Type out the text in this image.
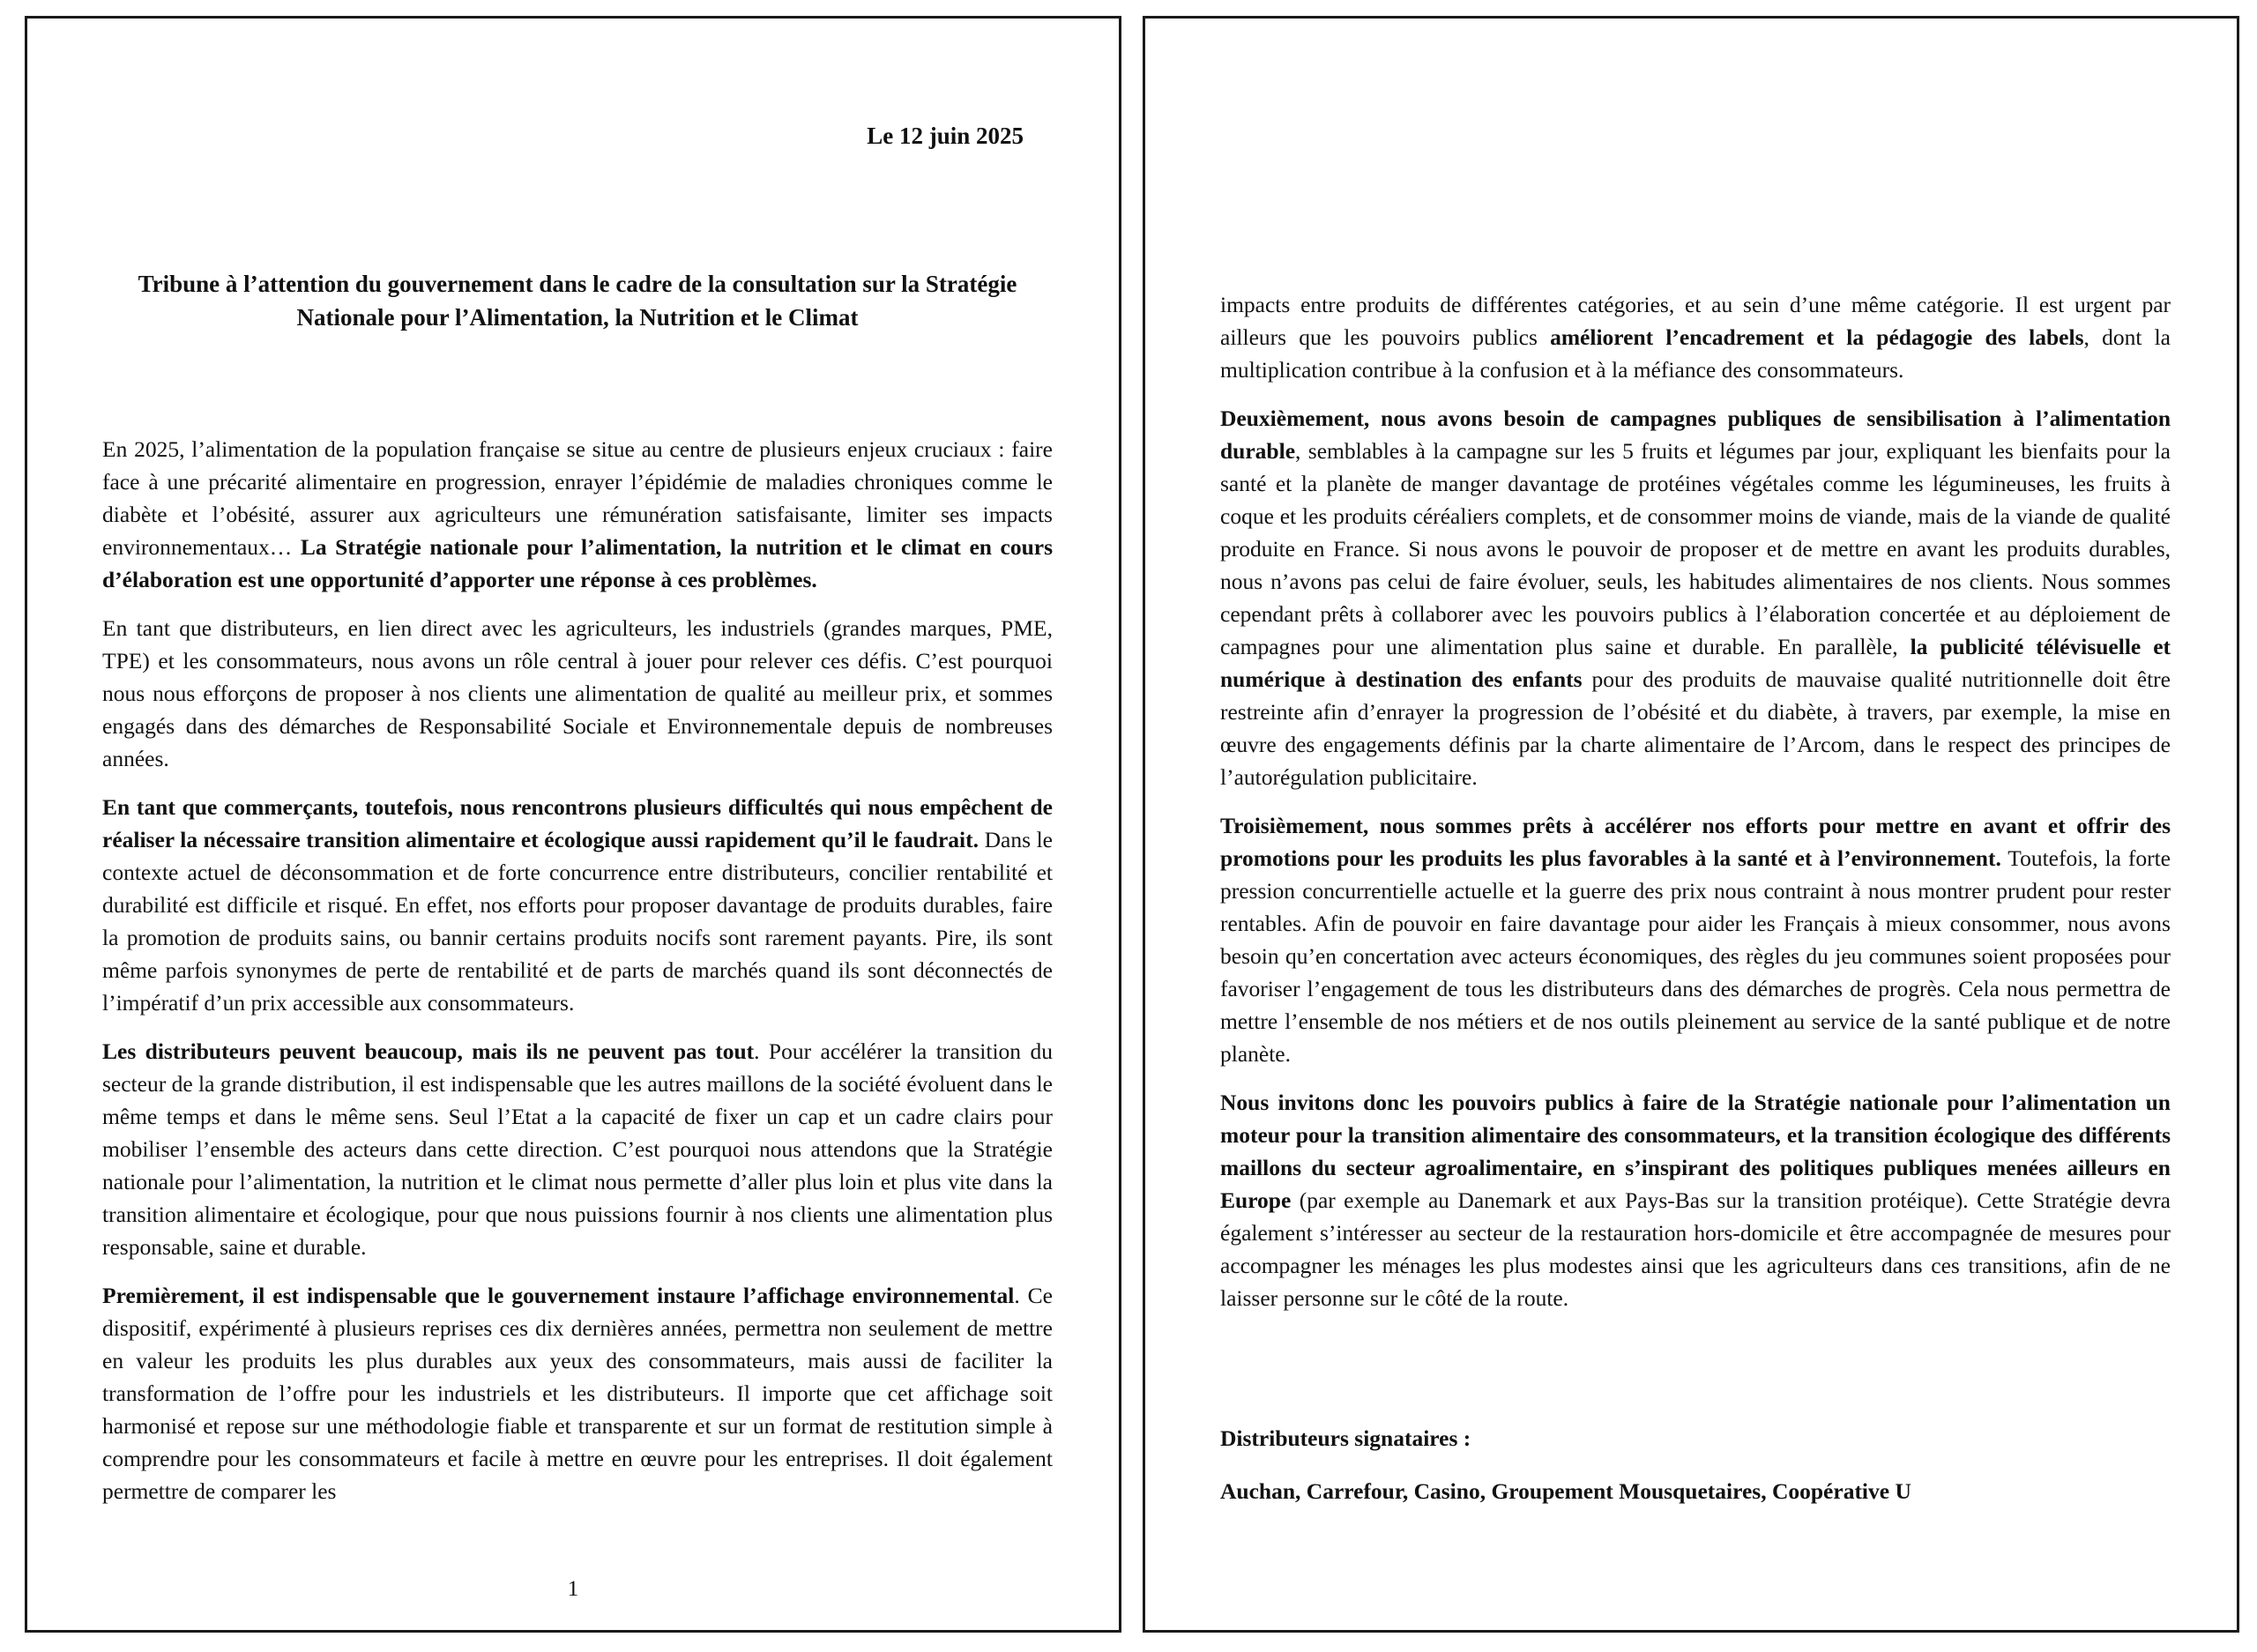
Le 12 juin 2025
Tribune à l’attention du gouvernement dans le cadre de la consultation sur la Stratégie
Nationale pour l’Alimentation, la Nutrition et le Climat

En 2025, l’alimentation de la population française se situe au centre de plusieurs enjeux cruciaux : faire face à une précarité alimentaire en progression, enrayer l’épidémie de maladies chroniques comme le diabète et l’obésité, assurer aux agriculteurs une rémunération satisfaisante, limiter ses impacts environnementaux… La Stratégie nationale pour l’alimentation, la nutrition et le climat en cours d’élaboration est une opportunité d’apporter une réponse à ces problèmes.

En tant que distributeurs, en lien direct avec les agriculteurs, les industriels (grandes marques, PME, TPE) et les consommateurs, nous avons un rôle central à jouer pour relever ces défis. C’est pourquoi nous nous efforçons de proposer à nos clients une alimentation de qualité au meilleur prix, et sommes engagés dans des démarches de Responsabilité Sociale et Environnementale depuis de nombreuses années.

En tant que commerçants, toutefois, nous rencontrons plusieurs difficultés qui nous empêchent de réaliser la nécessaire transition alimentaire et écologique aussi rapidement qu’il le faudrait. Dans le contexte actuel de déconsommation et de forte concurrence entre distributeurs, concilier rentabilité et durabilité est difficile et risqué. En effet, nos efforts pour proposer davantage de produits durables, faire la promotion de produits sains, ou bannir certains produits nocifs sont rarement payants. Pire, ils sont même parfois synonymes de perte de rentabilité et de parts de marchés quand ils sont déconnectés de l’impératif d’un prix accessible aux consommateurs.

Les distributeurs peuvent beaucoup, mais ils ne peuvent pas tout. Pour accélérer la transition du secteur de la grande distribution, il est indispensable que les autres maillons de la société évoluent dans le même temps et dans le même sens. Seul l’Etat a la capacité de fixer un cap et un cadre clairs pour mobiliser l’ensemble des acteurs dans cette direction. C’est pourquoi nous attendons que la Stratégie nationale pour l’alimentation, la nutrition et le climat nous permette d’aller plus loin et plus vite dans la transition alimentaire et écologique, pour que nous puissions fournir à nos clients une alimentation plus responsable, saine et durable.

Premièrement, il est indispensable que le gouvernement instaure l’affichage environnemental. Ce dispositif, expérimenté à plusieurs reprises ces dix dernières années, permettra non seulement de mettre en valeur les produits les plus durables aux yeux des consommateurs, mais aussi de faciliter la transformation de l’offre pour les industriels et les distributeurs. Il importe que cet affichage soit harmonisé et repose sur une méthodologie fiable et transparente et sur un format de restitution simple à comprendre pour les consommateurs et facile à mettre en œuvre pour les entreprises. Il doit également permettre de comparer les

1

impacts entre produits de différentes catégories, et au sein d’une même catégorie. Il est urgent par ailleurs que les pouvoirs publics améliorent l’encadrement et la pédagogie des labels, dont la multiplication contribue à la confusion et à la méfiance des consommateurs.

Deuxièmement, nous avons besoin de campagnes publiques de sensibilisation à l’alimentation durable, semblables à la campagne sur les 5 fruits et légumes par jour, expliquant les bienfaits pour la santé et la planète de manger davantage de protéines végétales comme les légumineuses, les fruits à coque et les produits céréaliers complets, et de consommer moins de viande, mais de la viande de qualité produite en France. Si nous avons le pouvoir de proposer et de mettre en avant les produits durables, nous n’avons pas celui de faire évoluer, seuls, les habitudes alimentaires de nos clients. Nous sommes cependant prêts à collaborer avec les pouvoirs publics à l’élaboration concertée et au déploiement de campagnes pour une alimentation plus saine et durable. En parallèle, la publicité télévisuelle et numérique à destination des enfants pour des produits de mauvaise qualité nutritionnelle doit être restreinte afin d’enrayer la progression de l’obésité et du diabète, à travers, par exemple, la mise en œuvre des engagements définis par la charte alimentaire de l’Arcom, dans le respect des principes de l’autorégulation publicitaire.

Troisièmement, nous sommes prêts à accélérer nos efforts pour mettre en avant et offrir des promotions pour les produits les plus favorables à la santé et à l’environnement. Toutefois, la forte pression concurrentielle actuelle et la guerre des prix nous contraint à nous montrer prudent pour rester rentables. Afin de pouvoir en faire davantage pour aider les Français à mieux consommer, nous avons besoin qu’en concertation avec acteurs économiques, des règles du jeu communes soient proposées pour favoriser l’engagement de tous les distributeurs dans des démarches de progrès. Cela nous permettra de mettre l’ensemble de nos métiers et de nos outils pleinement au service de la santé publique et de notre planète.

Nous invitons donc les pouvoirs publics à faire de la Stratégie nationale pour l’alimentation un moteur pour la transition alimentaire des consommateurs, et la transition écologique des différents maillons du secteur agroalimentaire, en s’inspirant des politiques publiques menées ailleurs en Europe (par exemple au Danemark et aux Pays-Bas sur la transition protéique). Cette Stratégie devra également s’intéresser au secteur de la restauration hors-domicile et être accompagnée de mesures pour accompagner les ménages les plus modestes ainsi que les agriculteurs dans ces transitions, afin de ne laisser personne sur le côté de la route.

Distributeurs signataires :
Auchan, Carrefour, Casino, Groupement Mousquetaires, Coopérative U
